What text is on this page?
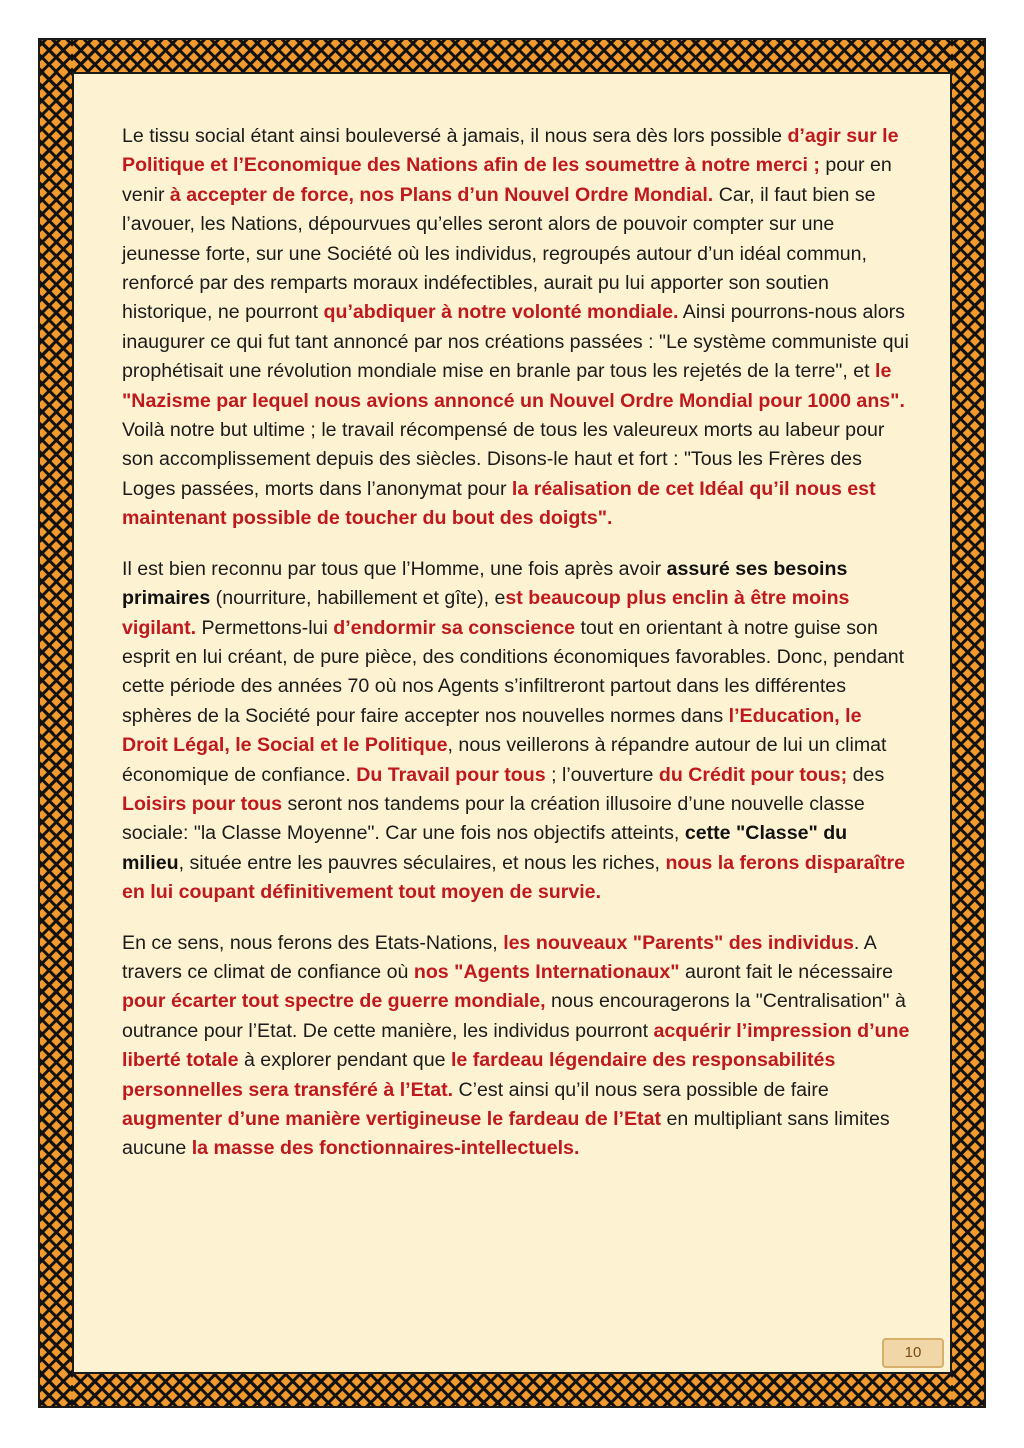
Le tissu social étant ainsi bouleversé à jamais, il nous sera dès lors possible d’agir sur le Politique et l’Economique des Nations afin de les soumettre à notre merci ; pour en venir à accepter de force, nos Plans d’un Nouvel Ordre Mondial. Car, il faut bien se l’avouer, les Nations, dépourvues qu’elles seront alors de pouvoir compter sur une jeunesse forte, sur une Société où les individus, regroupés autour d’un idéal commun, renforcé par des remparts moraux indéfectibles, aurait pu lui apporter son soutien historique, ne pourront qu’abdiquer à notre volonté mondiale. Ainsi pourrons-nous alors inaugurer ce qui fut tant annoncé par nos créations passées : "Le système communiste qui prophétisait une révolution mondiale mise en branle par tous les rejetés de la terre", et le "Nazisme par lequel nous avions annoncé un Nouvel Ordre Mondial pour 1000 ans". Voilà notre but ultime ; le travail récompensé de tous les valeureux morts au labeur pour son accomplissement depuis des siècles. Disons-le haut et fort : "Tous les Frères des Loges passées, morts dans l’anonymat pour la réalisation de cet Idéal qu’il nous est maintenant possible de toucher du bout des doigts".

Il est bien reconnu par tous que l’Homme, une fois après avoir assuré ses besoins primaires (nourriture, habillement et gîte), est beaucoup plus enclin à être moins vigilant. Permettons-lui d’endormir sa conscience tout en orientant à notre guise son esprit en lui créant, de pure pièce, des conditions économiques favorables. Donc, pendant cette période des années 70 où nos Agents s’infiltreront partout dans les différentes sphères de la Société pour faire accepter nos nouvelles normes dans l’Education, le Droit Légal, le Social et le Politique, nous veillerons à répandre autour de lui un climat économique de confiance. Du Travail pour tous ; l’ouverture du Crédit pour tous; des Loisirs pour tous seront nos tandems pour la création illusoire d’une nouvelle classe sociale: "la Classe Moyenne". Car une fois nos objectifs atteints, cette "Classe" du milieu, située entre les pauvres séculaires, et nous les riches, nous la ferons disparaître en lui coupant définitivement tout moyen de survie.

En ce sens, nous ferons des Etats-Nations, les nouveaux "Parents" des individus. A travers ce climat de confiance où nos "Agents Internationaux" auront fait le nécessaire pour écarter tout spectre de guerre mondiale, nous encouragerons la "Centralisation" à outrance pour l’Etat. De cette manière, les individus pourront acquérir l’impression d’une liberté totale à explorer pendant que le fardeau légendaire des responsabilités personnelles sera transféré à l’Etat. C’est ainsi qu’il nous sera possible de faire augmenter d’une manière vertigineuse le fardeau de l’Etat en multipliant sans limites aucune la masse des fonctionnaires-intellectuels.

10
